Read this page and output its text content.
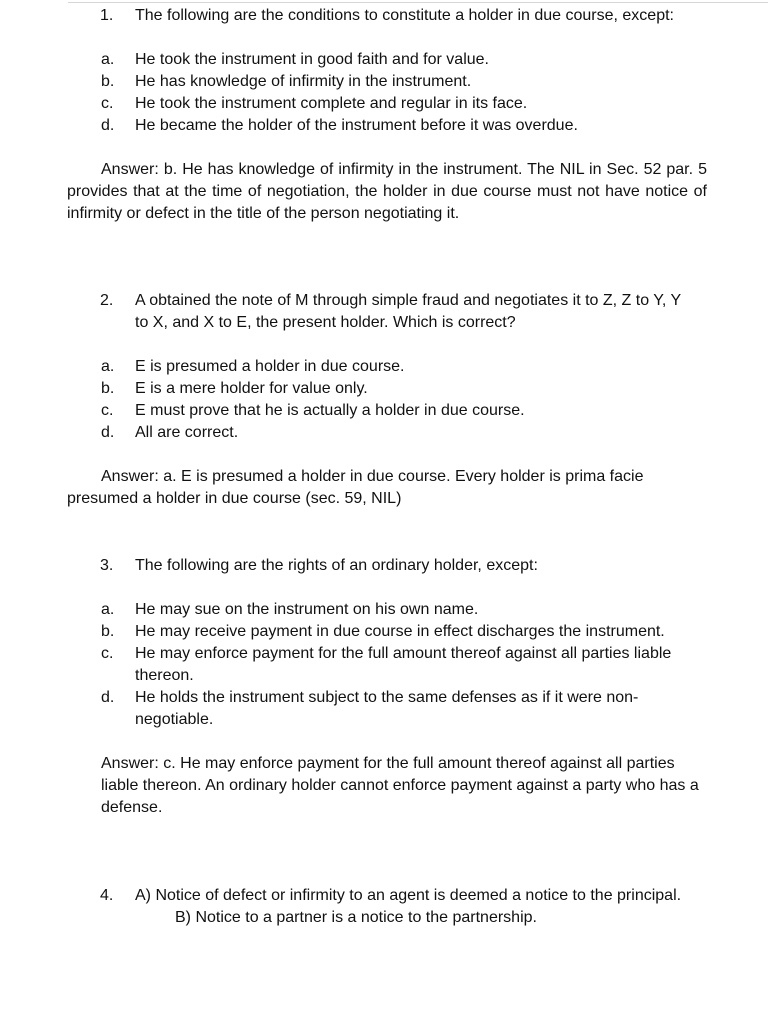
1.	The following are the conditions to constitute a holder in due course, except:
a.	He took the instrument in good faith and for value.
b.	He has knowledge of infirmity in the instrument.
c.	He took the instrument complete and regular in its face.
d.	He became the holder of the instrument before it was overdue.
Answer: b. He has knowledge of infirmity in the instrument. The NIL in Sec. 52 par. 5 provides that at the time of negotiation, the holder in due course must not have notice of infirmity or defect in the title of the person negotiating it.
2.	A obtained the note of M through simple fraud and negotiates it to Z, Z to Y, Y to X, and X to E, the present holder. Which is correct?
a.	E is presumed a holder in due course.
b.	E is a mere holder for value only.
c.	E must prove that he is actually a holder in due course.
d.	All are correct.
Answer: a. E is presumed a holder in due course. Every holder is prima facie presumed a holder in due course (sec. 59, NIL)
3.	The following are the rights of an ordinary holder, except:
a.	He may sue on the instrument on his own name.
b.	He may receive payment in due course in effect discharges the instrument.
c.	He may enforce payment for the full amount thereof against all parties liable thereon.
d.	He holds the instrument subject to the same defenses as if it were non-negotiable.
Answer: c. He may enforce payment for the full amount thereof against all parties liable thereon. An ordinary holder cannot enforce payment against a party who has a defense.
4.	A) Notice of defect or infirmity to an agent is deemed a notice to the principal.
B) Notice to a partner is a notice to the partnership.
